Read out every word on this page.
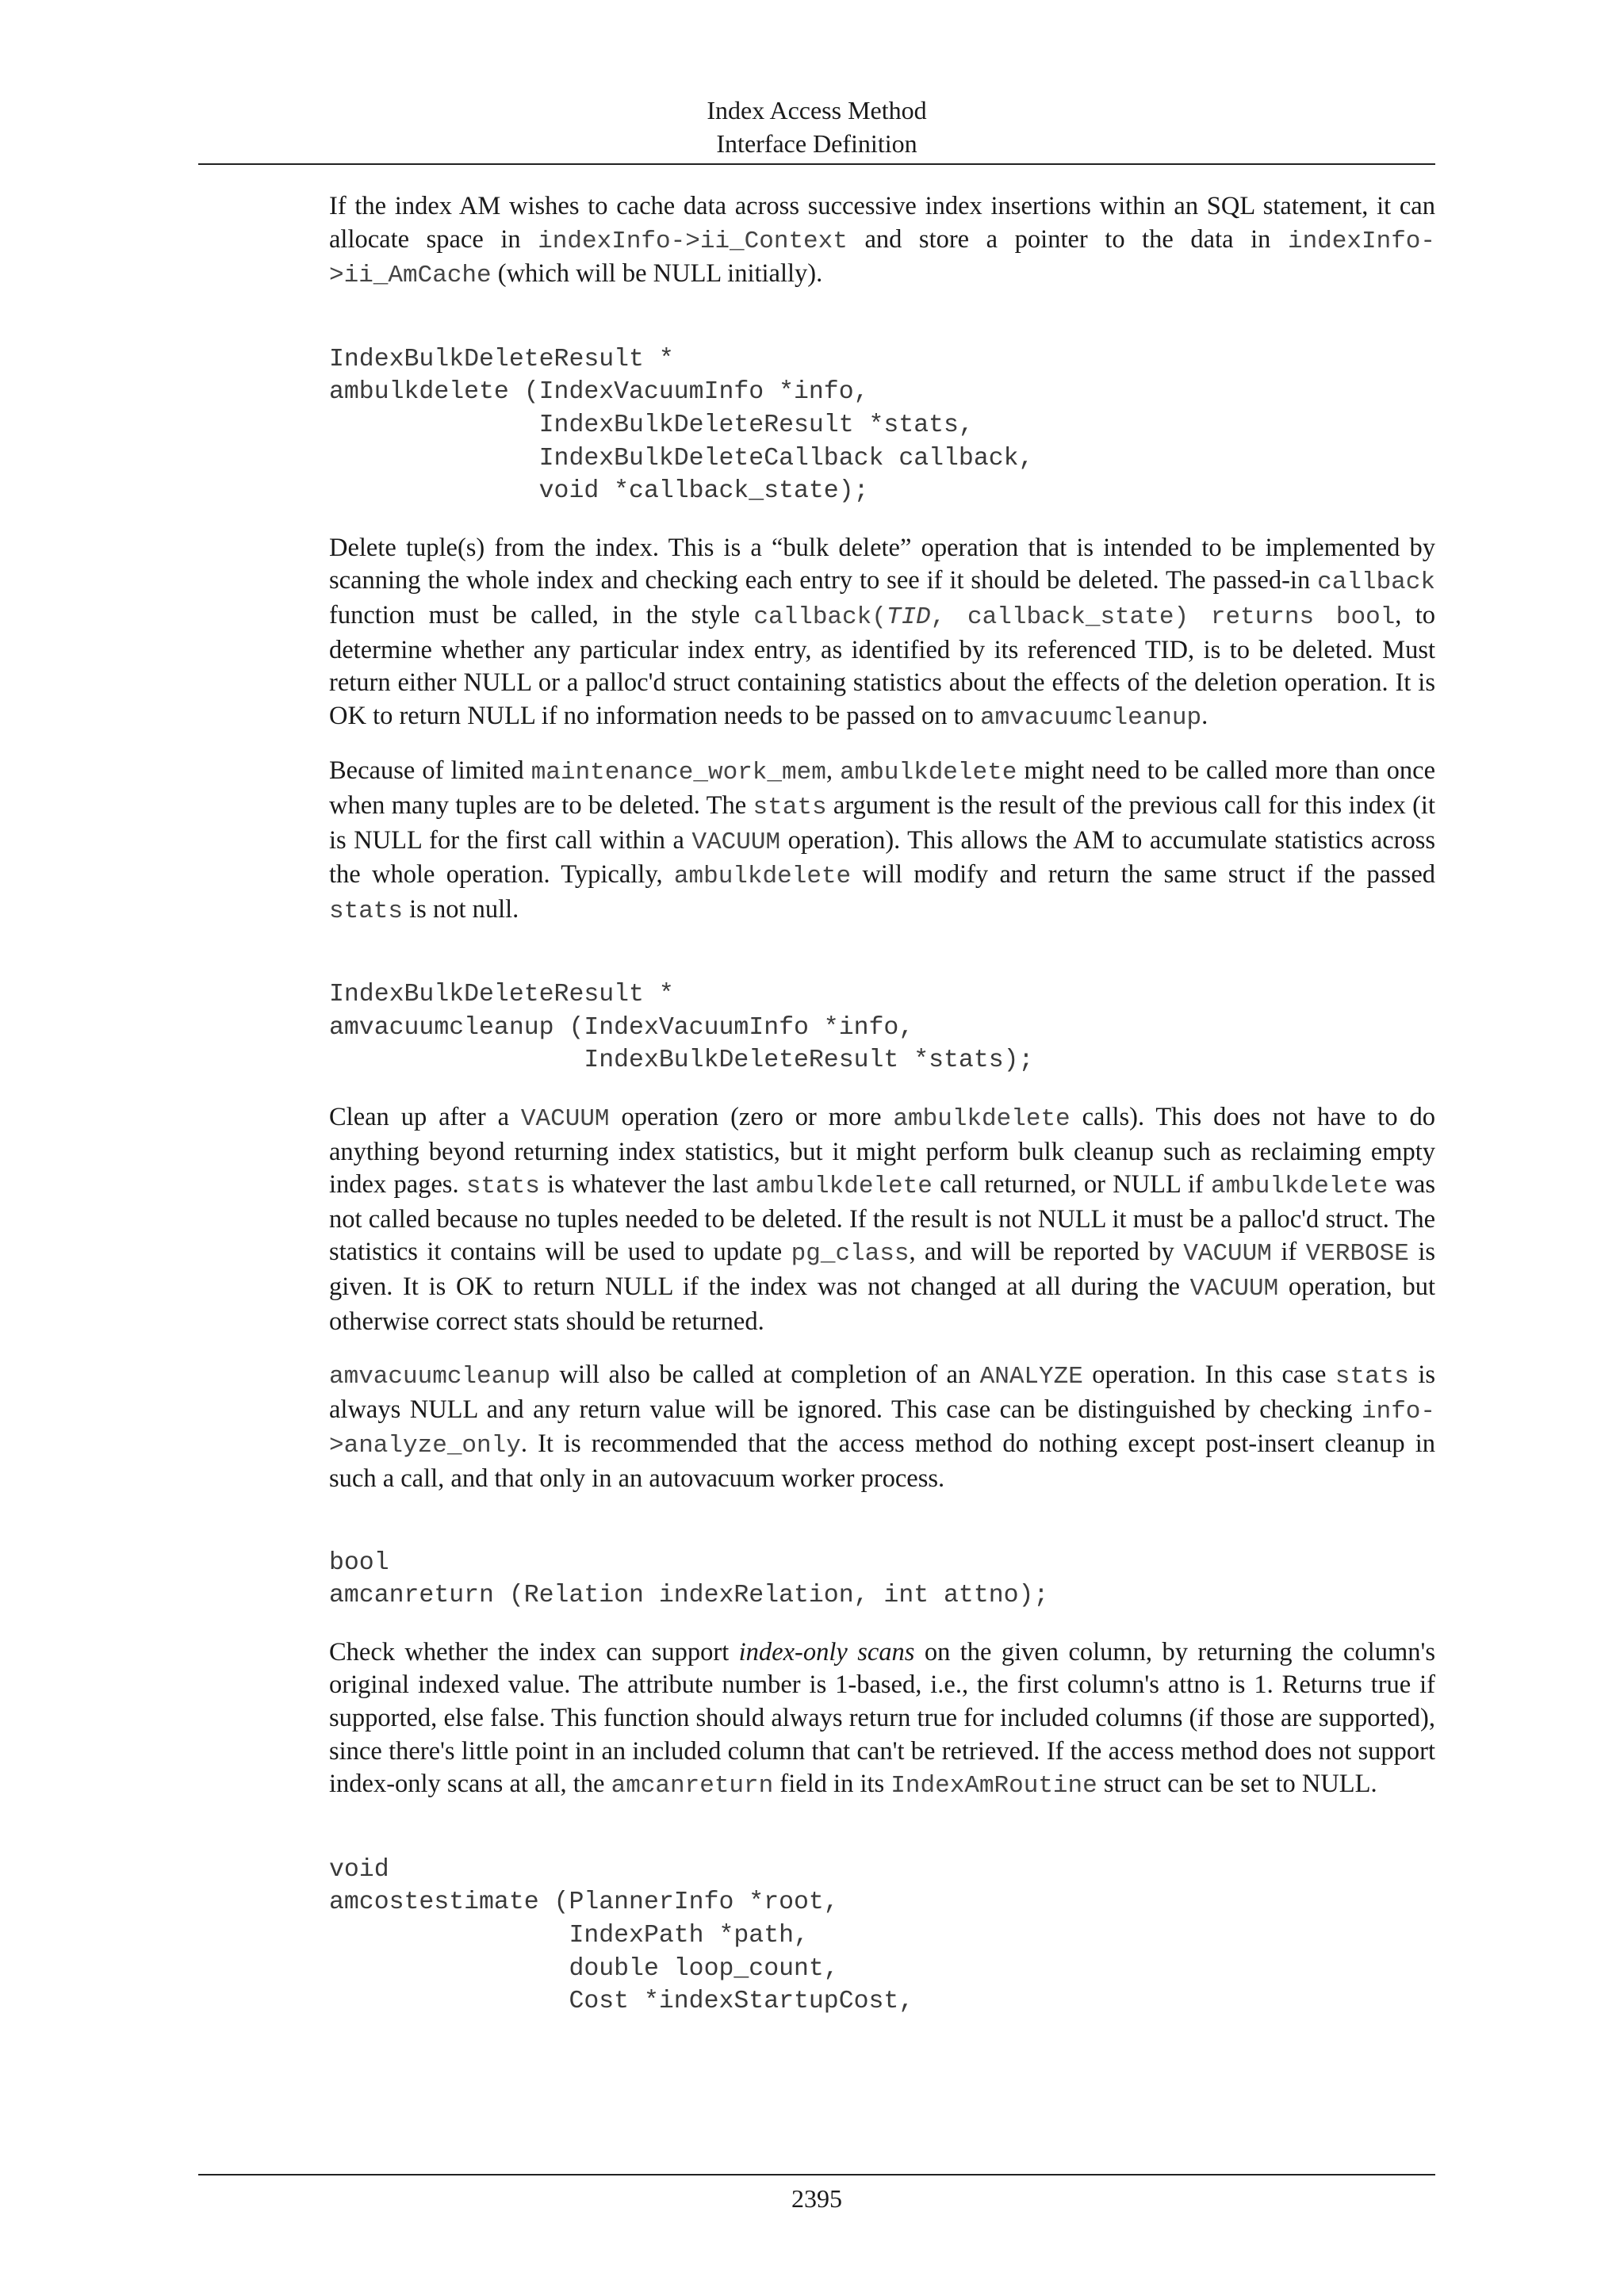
Index Access Method
Interface Definition

If the index AM wishes to cache data across successive index insertions within an SQL statement, it can allocate space in indexInfo->ii_Context and store a pointer to the data in indexInfo->ii_AmCache (which will be NULL initially).

IndexBulkDeleteResult *
ambulkdelete (IndexVacuumInfo *info,
IndexBulkDeleteResult *stats,
IndexBulkDeleteCallback callback,
void *callback_state);

Delete tuple(s) from the index. This is a “bulk delete” operation that is intended to be implemented by scanning the whole index and checking each entry to see if it should be deleted. The passed-in callback function must be called, in the style callback(TID, callback_state) returns bool, to determine whether any particular index entry, as identified by its referenced TID, is to be deleted. Must return either NULL or a palloc'd struct containing statistics about the effects of the deletion operation. It is OK to return NULL if no information needs to be passed on to amvacuumcleanup.

Because of limited maintenance_work_mem, ambulkdelete might need to be called more than once when many tuples are to be deleted. The stats argument is the result of the previous call for this index (it is NULL for the first call within a VACUUM operation). This allows the AM to accumulate statistics across the whole operation. Typically, ambulkdelete will modify and return the same struct if the passed stats is not null.

IndexBulkDeleteResult *
amvacuumcleanup (IndexVacuumInfo *info,
IndexBulkDeleteResult *stats);

Clean up after a VACUUM operation (zero or more ambulkdelete calls). This does not have to do anything beyond returning index statistics, but it might perform bulk cleanup such as reclaiming empty index pages. stats is whatever the last ambulkdelete call returned, or NULL if ambulkdelete was not called because no tuples needed to be deleted. If the result is not NULL it must be a palloc'd struct. The statistics it contains will be used to update pg_class, and will be reported by VACUUM if VERBOSE is given. It is OK to return NULL if the index was not changed at all during the VACUUM operation, but otherwise correct stats should be returned.

amvacuumcleanup will also be called at completion of an ANALYZE operation. In this case stats is always NULL and any return value will be ignored. This case can be distinguished by checking info->analyze_only. It is recommended that the access method do nothing except post-insert cleanup in such a call, and that only in an autovacuum worker process.

bool
amcanreturn (Relation indexRelation, int attno);

Check whether the index can support index-only scans on the given column, by returning the column's original indexed value. The attribute number is 1-based, i.e., the first column's attno is 1. Returns true if supported, else false. This function should always return true for included columns (if those are supported), since there's little point in an included column that can't be retrieved. If the access method does not support index-only scans at all, the amcanreturn field in its IndexAmRoutine struct can be set to NULL.

void
amcostestimate (PlannerInfo *root,
IndexPath *path,
double loop_count,
Cost *indexStartupCost,
2395
